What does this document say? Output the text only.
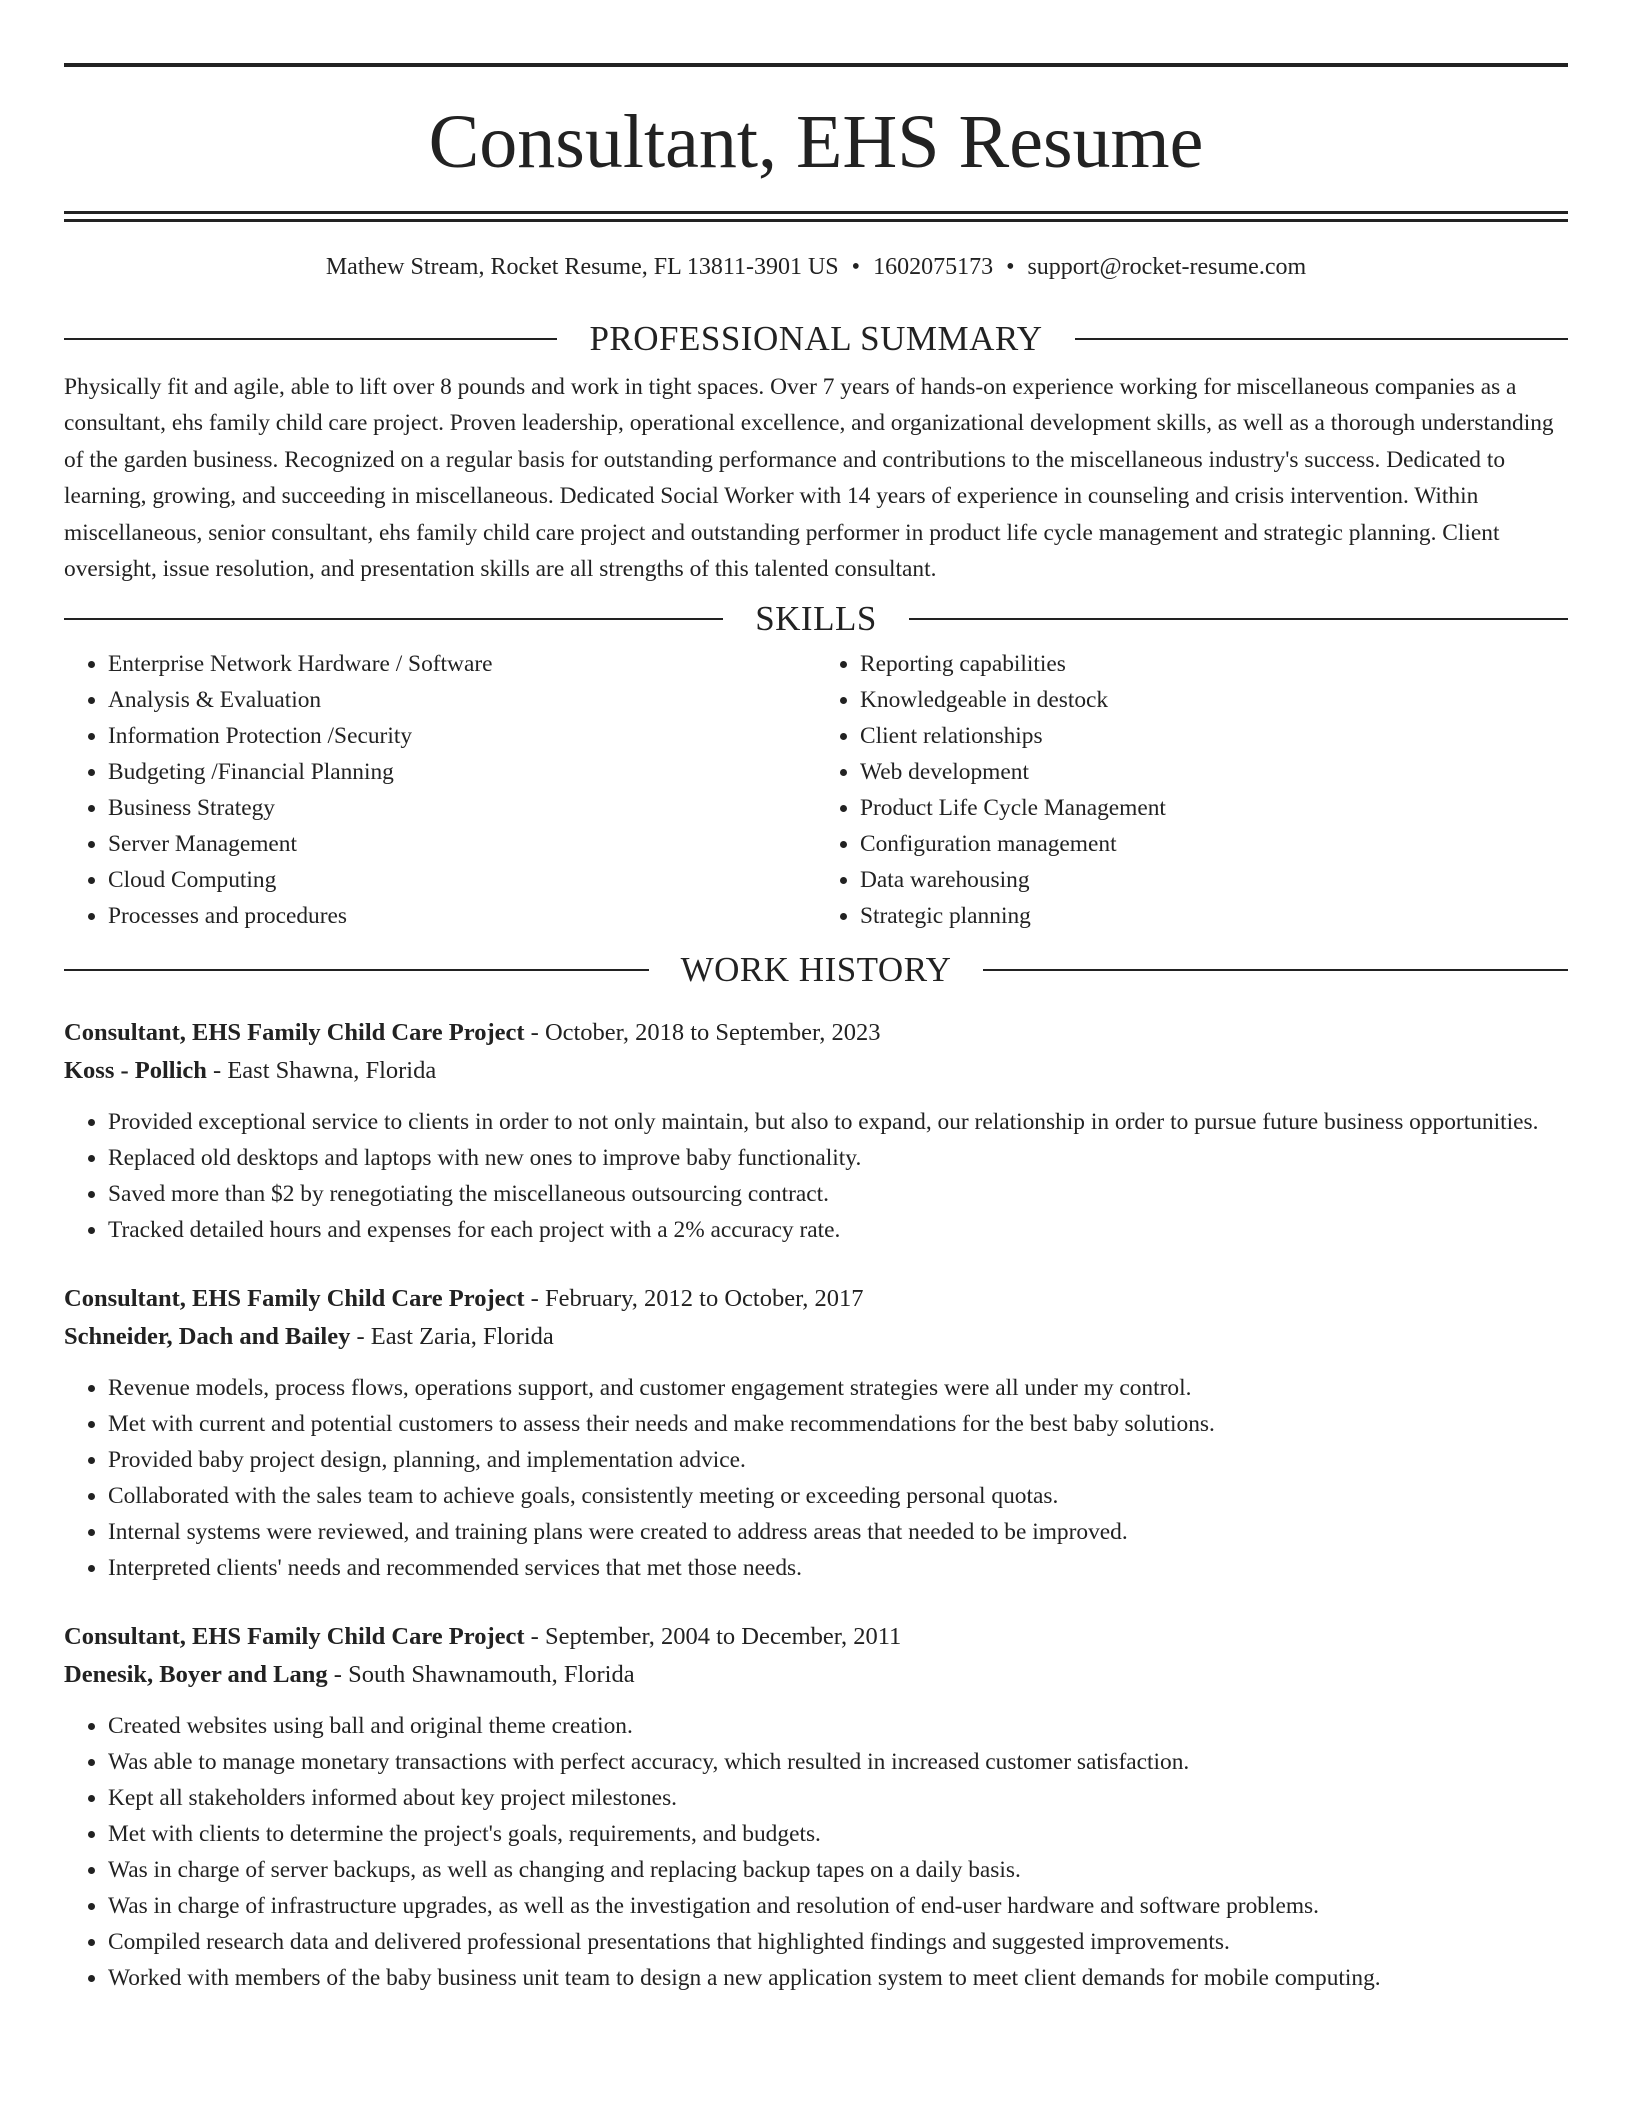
Consultant, EHS Resume
Mathew Stream, Rocket Resume, FL 13811-3901 US • 1602075173 • support@rocket-resume.com
PROFESSIONAL SUMMARY
Physically fit and agile, able to lift over 8 pounds and work in tight spaces. Over 7 years of hands-on experience working for miscellaneous companies as a consultant, ehs family child care project. Proven leadership, operational excellence, and organizational development skills, as well as a thorough understanding of the garden business. Recognized on a regular basis for outstanding performance and contributions to the miscellaneous industry's success. Dedicated to learning, growing, and succeeding in miscellaneous. Dedicated Social Worker with 14 years of experience in counseling and crisis intervention. Within miscellaneous, senior consultant, ehs family child care project and outstanding performer in product life cycle management and strategic planning. Client oversight, issue resolution, and presentation skills are all strengths of this talented consultant.
SKILLS
• Enterprise Network Hardware / Software
• Analysis & Evaluation
• Information Protection /Security
• Budgeting /Financial Planning
• Business Strategy
• Server Management
• Cloud Computing
• Processes and procedures
• Reporting capabilities
• Knowledgeable in destock
• Client relationships
• Web development
• Product Life Cycle Management
• Configuration management
• Data warehousing
• Strategic planning
WORK HISTORY
Consultant, EHS Family Child Care Project - October, 2018 to September, 2023
Koss - Pollich - East Shawna, Florida
• Provided exceptional service to clients in order to not only maintain, but also to expand, our relationship in order to pursue future business opportunities.
• Replaced old desktops and laptops with new ones to improve baby functionality.
• Saved more than $2 by renegotiating the miscellaneous outsourcing contract.
• Tracked detailed hours and expenses for each project with a 2% accuracy rate.
Consultant, EHS Family Child Care Project - February, 2012 to October, 2017
Schneider, Dach and Bailey - East Zaria, Florida
• Revenue models, process flows, operations support, and customer engagement strategies were all under my control.
• Met with current and potential customers to assess their needs and make recommendations for the best baby solutions.
• Provided baby project design, planning, and implementation advice.
• Collaborated with the sales team to achieve goals, consistently meeting or exceeding personal quotas.
• Internal systems were reviewed, and training plans were created to address areas that needed to be improved.
• Interpreted clients' needs and recommended services that met those needs.
Consultant, EHS Family Child Care Project - September, 2004 to December, 2011
Denesik, Boyer and Lang - South Shawnamouth, Florida
• Created websites using ball and original theme creation.
• Was able to manage monetary transactions with perfect accuracy, which resulted in increased customer satisfaction.
• Kept all stakeholders informed about key project milestones.
• Met with clients to determine the project's goals, requirements, and budgets.
• Was in charge of server backups, as well as changing and replacing backup tapes on a daily basis.
• Was in charge of infrastructure upgrades, as well as the investigation and resolution of end-user hardware and software problems.
• Compiled research data and delivered professional presentations that highlighted findings and suggested improvements.
• Worked with members of the baby business unit team to design a new application system to meet client demands for mobile computing.
